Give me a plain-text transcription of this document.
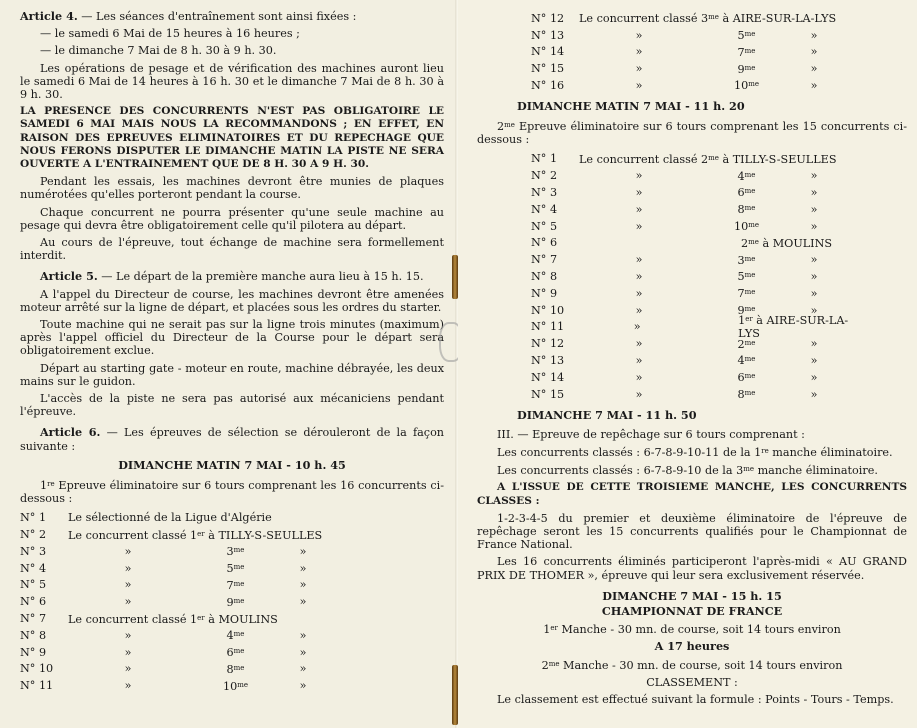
Article 4. — Les séances d'entraînement sont ainsi fixées :

— le samedi 6 Mai de 15 heures à 16 heures ;

— le dimanche 7 Mai de 8 h. 30 à 9 h. 30.

Les opérations de pesage et de vérification des machines auront lieu le samedi 6 Mai de 14 heures à 16 h. 30 et le dimanche 7 Mai de 8 h. 30 à 9 h. 30.

LA PRESENCE DES CONCURRENTS N'EST PAS OBLIGATOIRE LE SAMEDI 6 MAI MAIS NOUS LA RECOMMANDONS ; EN EFFET, EN RAISON DES EPREUVES ELIMINATOIRES ET DU REPECHAGE QUE NOUS FERONS DISPUTER LE DIMANCHE MATIN LA PISTE NE SERA OUVERTE A L'ENTRAINEMENT QUE DE 8 H. 30 A 9 H. 30.

Pendant les essais, les machines devront être munies de plaques numérotées qu'elles porteront pendant la course.

Chaque concurrent ne pourra présenter qu'une seule machine au pesage qui devra être obligatoirement celle qu'il pilotera au départ.

Au cours de l'épreuve, tout échange de machine sera formellement interdit.

Article 5. — Le départ de la première manche aura lieu à 15 h. 15.

A l'appel du Directeur de course, les machines devront être amenées moteur arrêté sur la ligne de départ, et placées sous les ordres du starter.

Toute machine qui ne serait pas sur la ligne trois minutes (maximum) après l'appel officiel du Directeur de la Course pour le départ sera obligatoirement exclue.

Départ au starting gate - moteur en route, machine débrayée, les deux mains sur le guidon.

L'accès de la piste ne sera pas autorisé aux mécaniciens pendant l'épreuve.

Article 6. — Les épreuves de sélection se dérouleront de la façon suivante :

DIMANCHE MATIN 7 MAI - 10 h. 45

1re Epreuve éliminatoire sur 6 tours comprenant les 16 concurrents ci-dessous :

N° 1	Le sélectionné de la Ligue d'Algérie
N° 2	Le concurrent classé 1er à TILLY-S-SEULLES
N° 3	»	$3^{me}$	»
N° 4	»	$5^{me}$	»
N° 5	»	$7^{me}$	»
N° 6	»	$9^{me}$	»
N° 7	Le concurrent classé 1er à MOULINS
N° 8	»	$4^{me}$	»
N° 9	»	$6^{me}$	»
N° 10	»	$8^{me}$	»
N° 11	»	$10^{me}$	»
N° 12	Le concurrent classé $3^{me}$ à AIRE-SUR-LA-LYS
N° 13	»	$5^{me}$	»
N° 14	»	$7^{me}$	»
N° 15	»	$9^{me}$	»
N° 16	»	$10^{me}$	»
DIMANCHE MATIN 7 MAI - 11 h. 20

$2^{me}$ Epreuve éliminatoire sur 6 tours comprenant les 15 concurrents ci-dessous :

N° 1	Le concurrent classé $2^{me}$ à TILLY-S-SEULLES
N° 2	»	$4^{me}$	»
N° 3	»	$6^{me}$	»
N° 4	»	$8^{me}$	»
N° 5	»	$10^{me}$	»
N° 6	$2^{me}$ à MOULINS
N° 7	»	$3^{me}$	»
N° 8	»	$5^{me}$	»
N° 9	»	$7^{me}$	»
N° 10	»	$9^{me}$	»
N° 11	»	1er à AIRE-SUR-LA-LYS
N° 12	»	$2^{me}$	»
N° 13	»	$4^{me}$	»
N° 14	»	$6^{me}$	»
N° 15	»	$8^{me}$	»
DIMANCHE 7 MAI - 11 h. 50

III. — Epreuve de repêchage sur 6 tours comprenant :

Les concurrents classés : 6-7-8-9-10-11 de la 1re manche éliminatoire.

Les concurrents classés : 6-7-8-9-10 de la $3^{me}$ manche éliminatoire.

A L'ISSUE DE CETTE TROISIEME MANCHE, LES CONCURRENTS CLASSES :

1-2-3-4-5 du premier et deuxième éliminatoire de l'épreuve de repêchage seront les 15 concurrents qualifiés pour le Championnat de France National.

Les 16 concurrents éliminés participeront l'après-midi « AU GRAND PRIX DE THOMER », épreuve qui leur sera exclusivement réservée.

DIMANCHE 7 MAI - 15 h. 15
CHAMPIONNAT DE FRANCE

1er Manche - 30 mn. de course, soit 14 tours environ

A 17 heures

$2^{me}$ Manche - 30 mn. de course, soit 14 tours environ

CLASSEMENT :

Le classement est effectué suivant la formule : Points - Tours - Temps.
